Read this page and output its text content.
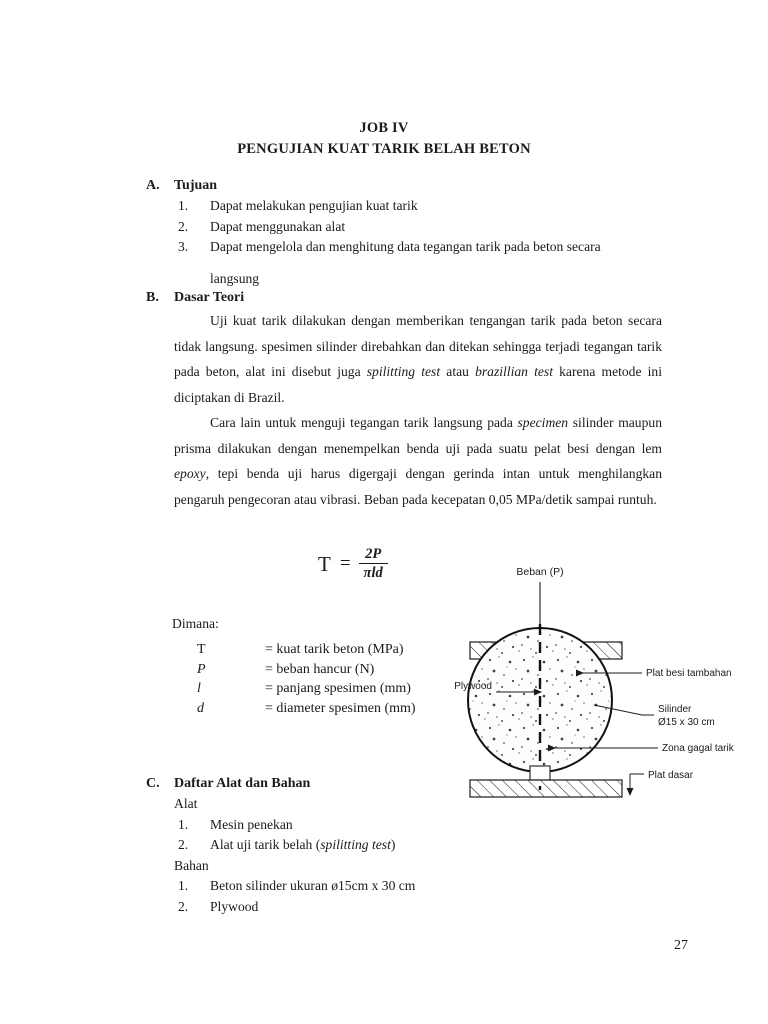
JOB IV
PENGUJIAN KUAT TARIK BELAH BETON
A.	Tujuan
1.	Dapat melakukan pengujian kuat tarik
2.	Dapat menggunakan alat
3.	Dapat mengelola dan menghitung data tegangan tarik pada beton secara
langsung
B.	Dasar Teori

Uji kuat tarik dilakukan dengan memberikan tengangan tarik pada beton secara tidak langsung. spesimen silinder direbahkan dan ditekan sehingga terjadi tegangan tarik pada beton, alat ini disebut juga spilitting test atau brazillian test karena metode ini diciptakan di Brazil.

Cara lain untuk menguji tegangan tarik langsung pada specimen silinder maupun prisma dilakukan dengan menempelkan benda uji pada suatu pelat besi dengan lem epoxy, tepi benda uji harus digergaji dengan gerinda intan untuk menghilangkan pengaruh pengecoran atau vibrasi. Beban pada kecepatan 0,05 MPa/detik sampai runtuh.

$T = \frac{2P}{\text{πld}}$
Dimana:
T	= kuat tarik beton (MPa)
P	= beban hancur (N)
l	= panjang spesimen (mm)
d	= diameter spesimen (mm)
Beban (P)
Plywood
Plat besi tambahan
Silinder
Ø15 x 30 cm
Zona gagal tarik
Plat dasar
C.	Daftar Alat dan Bahan
Alat
1.	Mesin penekan
2.	Alat uji tarik belah (spilitting test)
Bahan
1.	Beton silinder ukuran ø15cm x 30 cm
2.	Plywood
27
